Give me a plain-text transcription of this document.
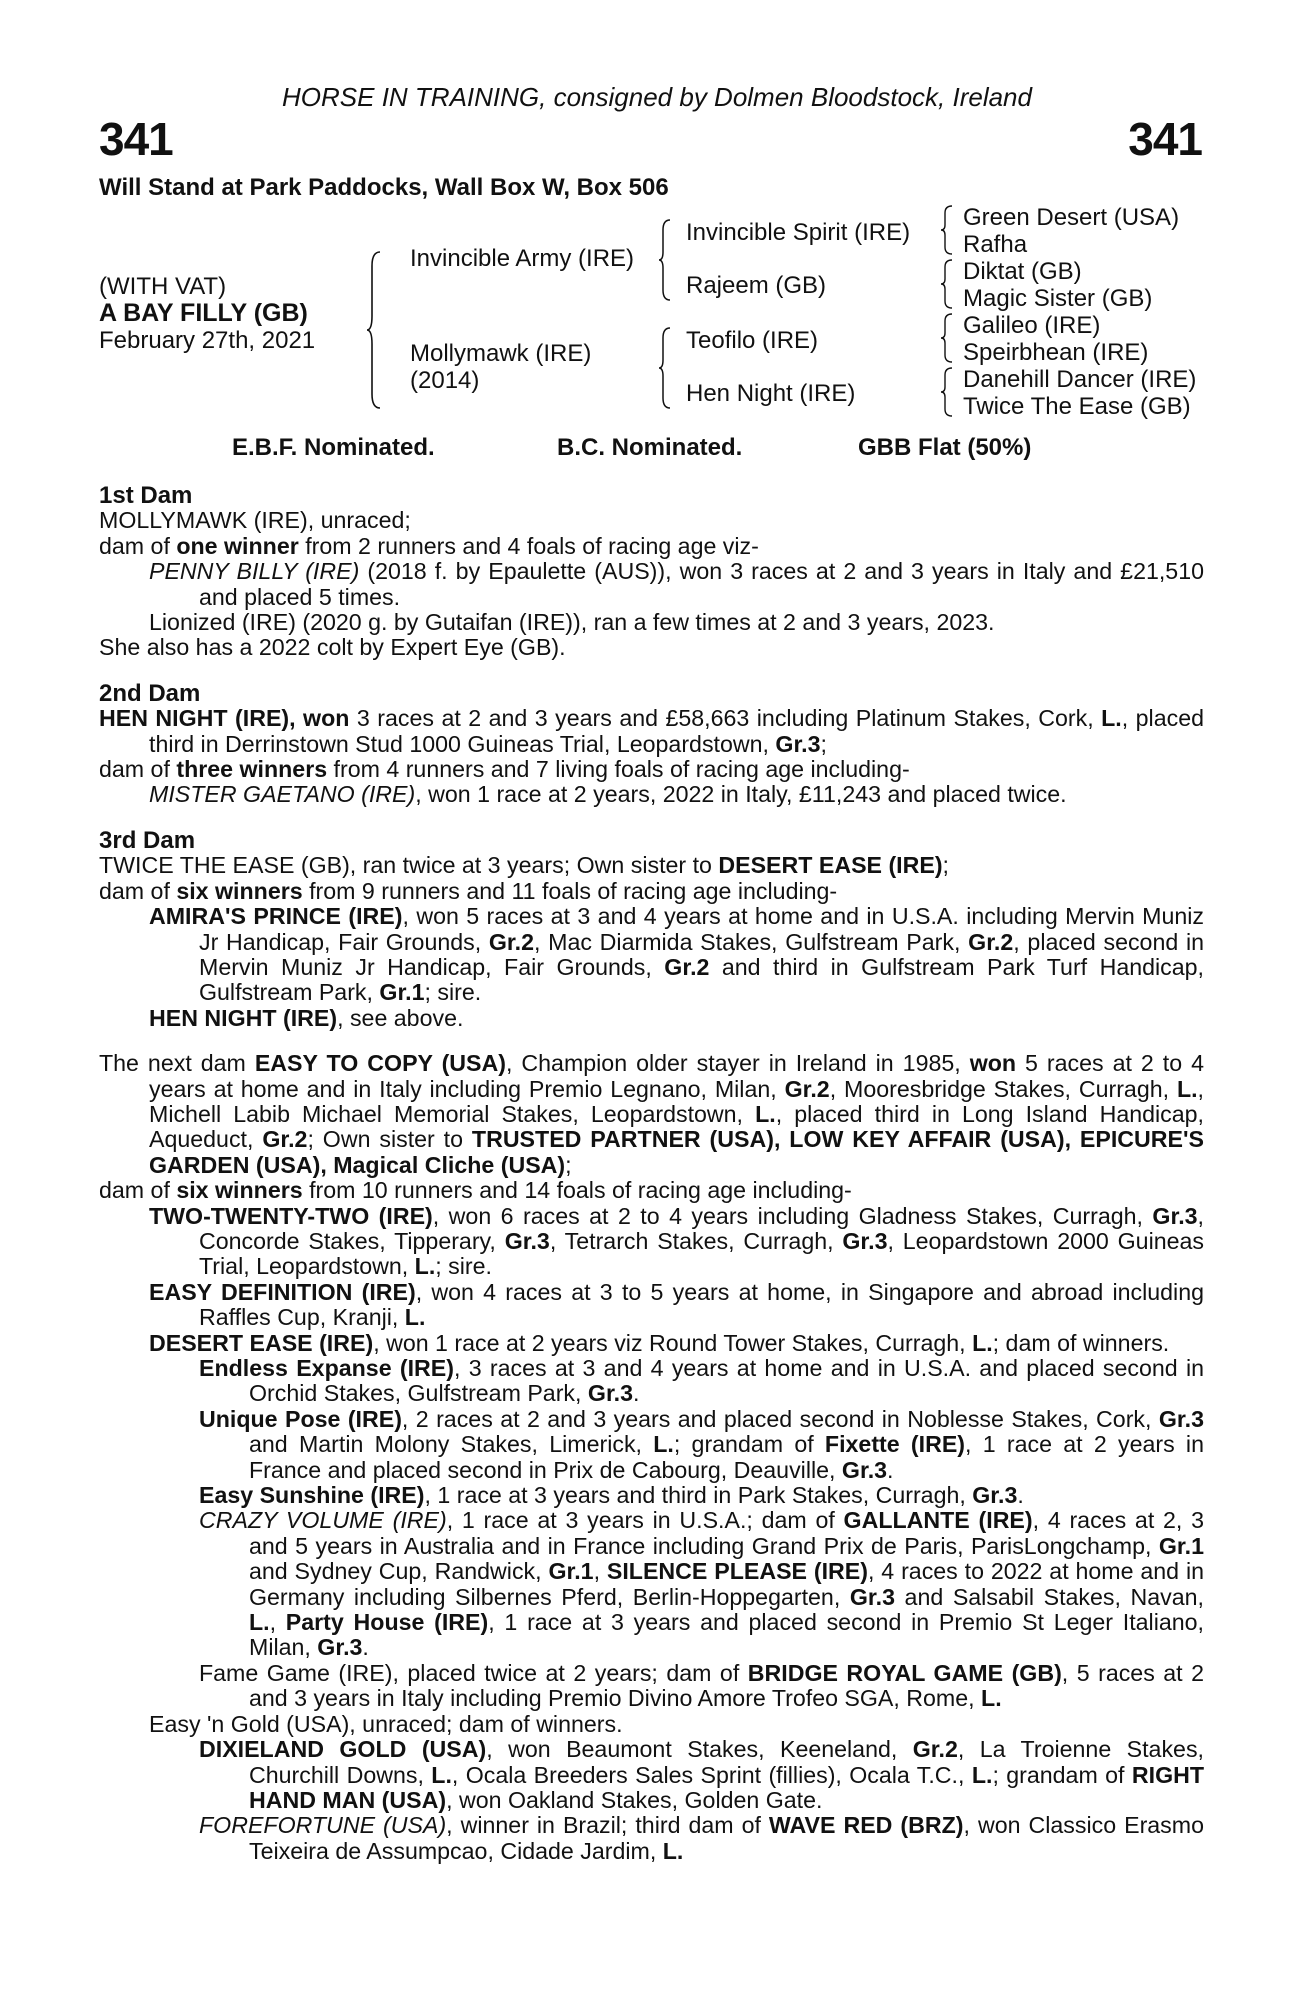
HORSE IN TRAINING, consigned by Dolmen Bloodstock, Ireland
341	341
Will Stand at Park Paddocks, Wall Box W, Box 506
(WITH VAT)
A BAY FILLY (GB)
February 27th, 2021
Invincible Army (IRE)
Mollymawk (IRE)
(2014)
Invincible Spirit (IRE)
Rajeem (GB)
Teofilo (IRE)
Hen Night (IRE)
Green Desert (USA)
Rafha
Diktat (GB)
Magic Sister (GB)
Galileo (IRE)
Speirbhean (IRE)
Danehill Dancer (IRE)
Twice The Ease (GB)
E.B.F. Nominated.	B.C. Nominated.	GBB Flat (50%)
1st Dam

MOLLYMAWK (IRE), unraced;

dam of one winner from 2 runners and 4 foals of racing age viz-

PENNY BILLY (IRE) (2018 f. by Epaulette (AUS)), won 3 races at 2 and 3 years in Italy and £21,510 and placed 5 times.

Lionized (IRE) (2020 g. by Gutaifan (IRE)), ran a few times at 2 and 3 years, 2023.

She also has a 2022 colt by Expert Eye (GB).

2nd Dam

HEN NIGHT (IRE), won 3 races at 2 and 3 years and £58,663 including Platinum Stakes, Cork, L., placed third in Derrinstown Stud 1000 Guineas Trial, Leopardstown, Gr.3;

dam of three winners from 4 runners and 7 living foals of racing age including-

MISTER GAETANO (IRE), won 1 race at 2 years, 2022 in Italy, £11,243 and placed twice.

3rd Dam

TWICE THE EASE (GB), ran twice at 3 years; Own sister to DESERT EASE (IRE);

dam of six winners from 9 runners and 11 foals of racing age including-

AMIRA'S PRINCE (IRE), won 5 races at 3 and 4 years at home and in U.S.A. including Mervin Muniz Jr Handicap, Fair Grounds, Gr.2, Mac Diarmida Stakes, Gulfstream Park, Gr.2, placed second in Mervin Muniz Jr Handicap, Fair Grounds, Gr.2 and third in Gulfstream Park Turf Handicap, Gulfstream Park, Gr.1; sire.

HEN NIGHT (IRE), see above.

The next dam EASY TO COPY (USA), Champion older stayer in Ireland in 1985, won 5 races at 2 to 4 years at home and in Italy including Premio Legnano, Milan, Gr.2, Mooresbridge Stakes, Curragh, L., Michell Labib Michael Memorial Stakes, Leopardstown, L., placed third in Long Island Handicap, Aqueduct, Gr.2; Own sister to TRUSTED PARTNER (USA), LOW KEY AFFAIR (USA), EPICURE'S GARDEN (USA), Magical Cliche (USA);

dam of six winners from 10 runners and 14 foals of racing age including-

TWO-TWENTY-TWO (IRE), won 6 races at 2 to 4 years including Gladness Stakes, Curragh, Gr.3, Concorde Stakes, Tipperary, Gr.3, Tetrarch Stakes, Curragh, Gr.3, Leopardstown 2000 Guineas Trial, Leopardstown, L.; sire.

EASY DEFINITION (IRE), won 4 races at 3 to 5 years at home, in Singapore and abroad including Raffles Cup, Kranji, L.

DESERT EASE (IRE), won 1 race at 2 years viz Round Tower Stakes, Curragh, L.; dam of winners.

Endless Expanse (IRE), 3 races at 3 and 4 years at home and in U.S.A. and placed second in Orchid Stakes, Gulfstream Park, Gr.3.

Unique Pose (IRE), 2 races at 2 and 3 years and placed second in Noblesse Stakes, Cork, Gr.3 and Martin Molony Stakes, Limerick, L.; grandam of Fixette (IRE), 1 race at 2 years in France and placed second in Prix de Cabourg, Deauville, Gr.3.

Easy Sunshine (IRE), 1 race at 3 years and third in Park Stakes, Curragh, Gr.3.

CRAZY VOLUME (IRE), 1 race at 3 years in U.S.A.; dam of GALLANTE (IRE), 4 races at 2, 3 and 5 years in Australia and in France including Grand Prix de Paris, ParisLongchamp, Gr.1 and Sydney Cup, Randwick, Gr.1, SILENCE PLEASE (IRE), 4 races to 2022 at home and in Germany including Silbernes Pferd, Berlin-Hoppegarten, Gr.3 and Salsabil Stakes, Navan, L., Party House (IRE), 1 race at 3 years and placed second in Premio St Leger Italiano, Milan, Gr.3.

Fame Game (IRE), placed twice at 2 years; dam of BRIDGE ROYAL GAME (GB), 5 races at 2 and 3 years in Italy including Premio Divino Amore Trofeo SGA, Rome, L.

Easy 'n Gold (USA), unraced; dam of winners.

DIXIELAND GOLD (USA), won Beaumont Stakes, Keeneland, Gr.2, La Troienne Stakes, Churchill Downs, L., Ocala Breeders Sales Sprint (fillies), Ocala T.C., L.; grandam of RIGHT HAND MAN (USA), won Oakland Stakes, Golden Gate.

FOREFORTUNE (USA), winner in Brazil; third dam of WAVE RED (BRZ), won Classico Erasmo Teixeira de Assumpcao, Cidade Jardim, L.
